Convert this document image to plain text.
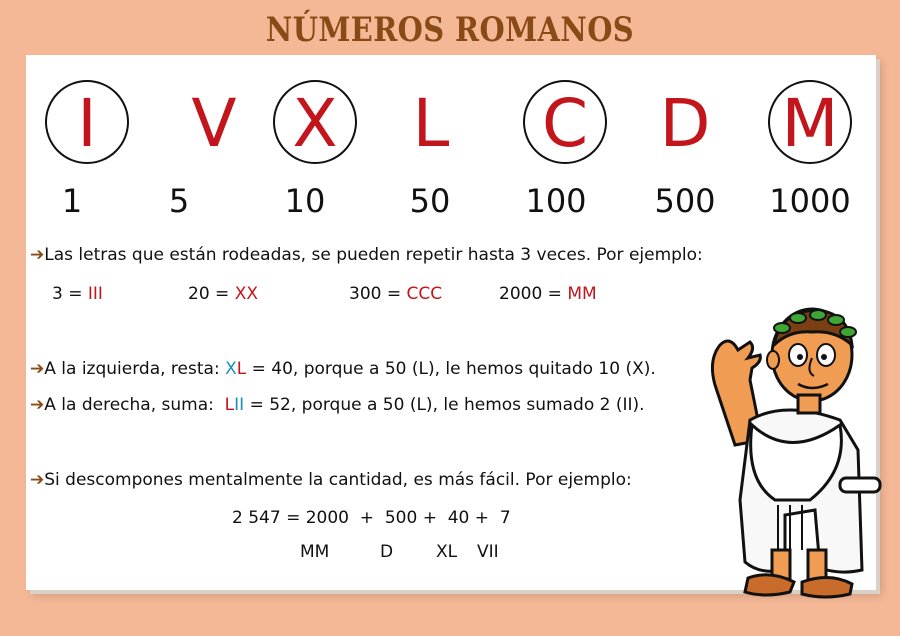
NÚMEROS ROMANOS
I	V X	L	C	D M
1	5	10	50	100	500	1000
➔Las letras que están rodeadas, se pueden repetir hasta 3 veces. Por ejemplo:
3 = III	20 = XX	300 = CCC	2000 = MM
➔A la izquierda, resta: XL = 40, porque a 50 (L), le hemos quitado 10 (X).
➔A la derecha, suma:  LII = 52, porque a 50 (L), le hemos sumado 2 (II).
➔Si descompones mentalmente la cantidad, es más fácil. Por ejemplo:
2 547 = 2000  +  500 +  40 +  7
MM	D	XL VII
